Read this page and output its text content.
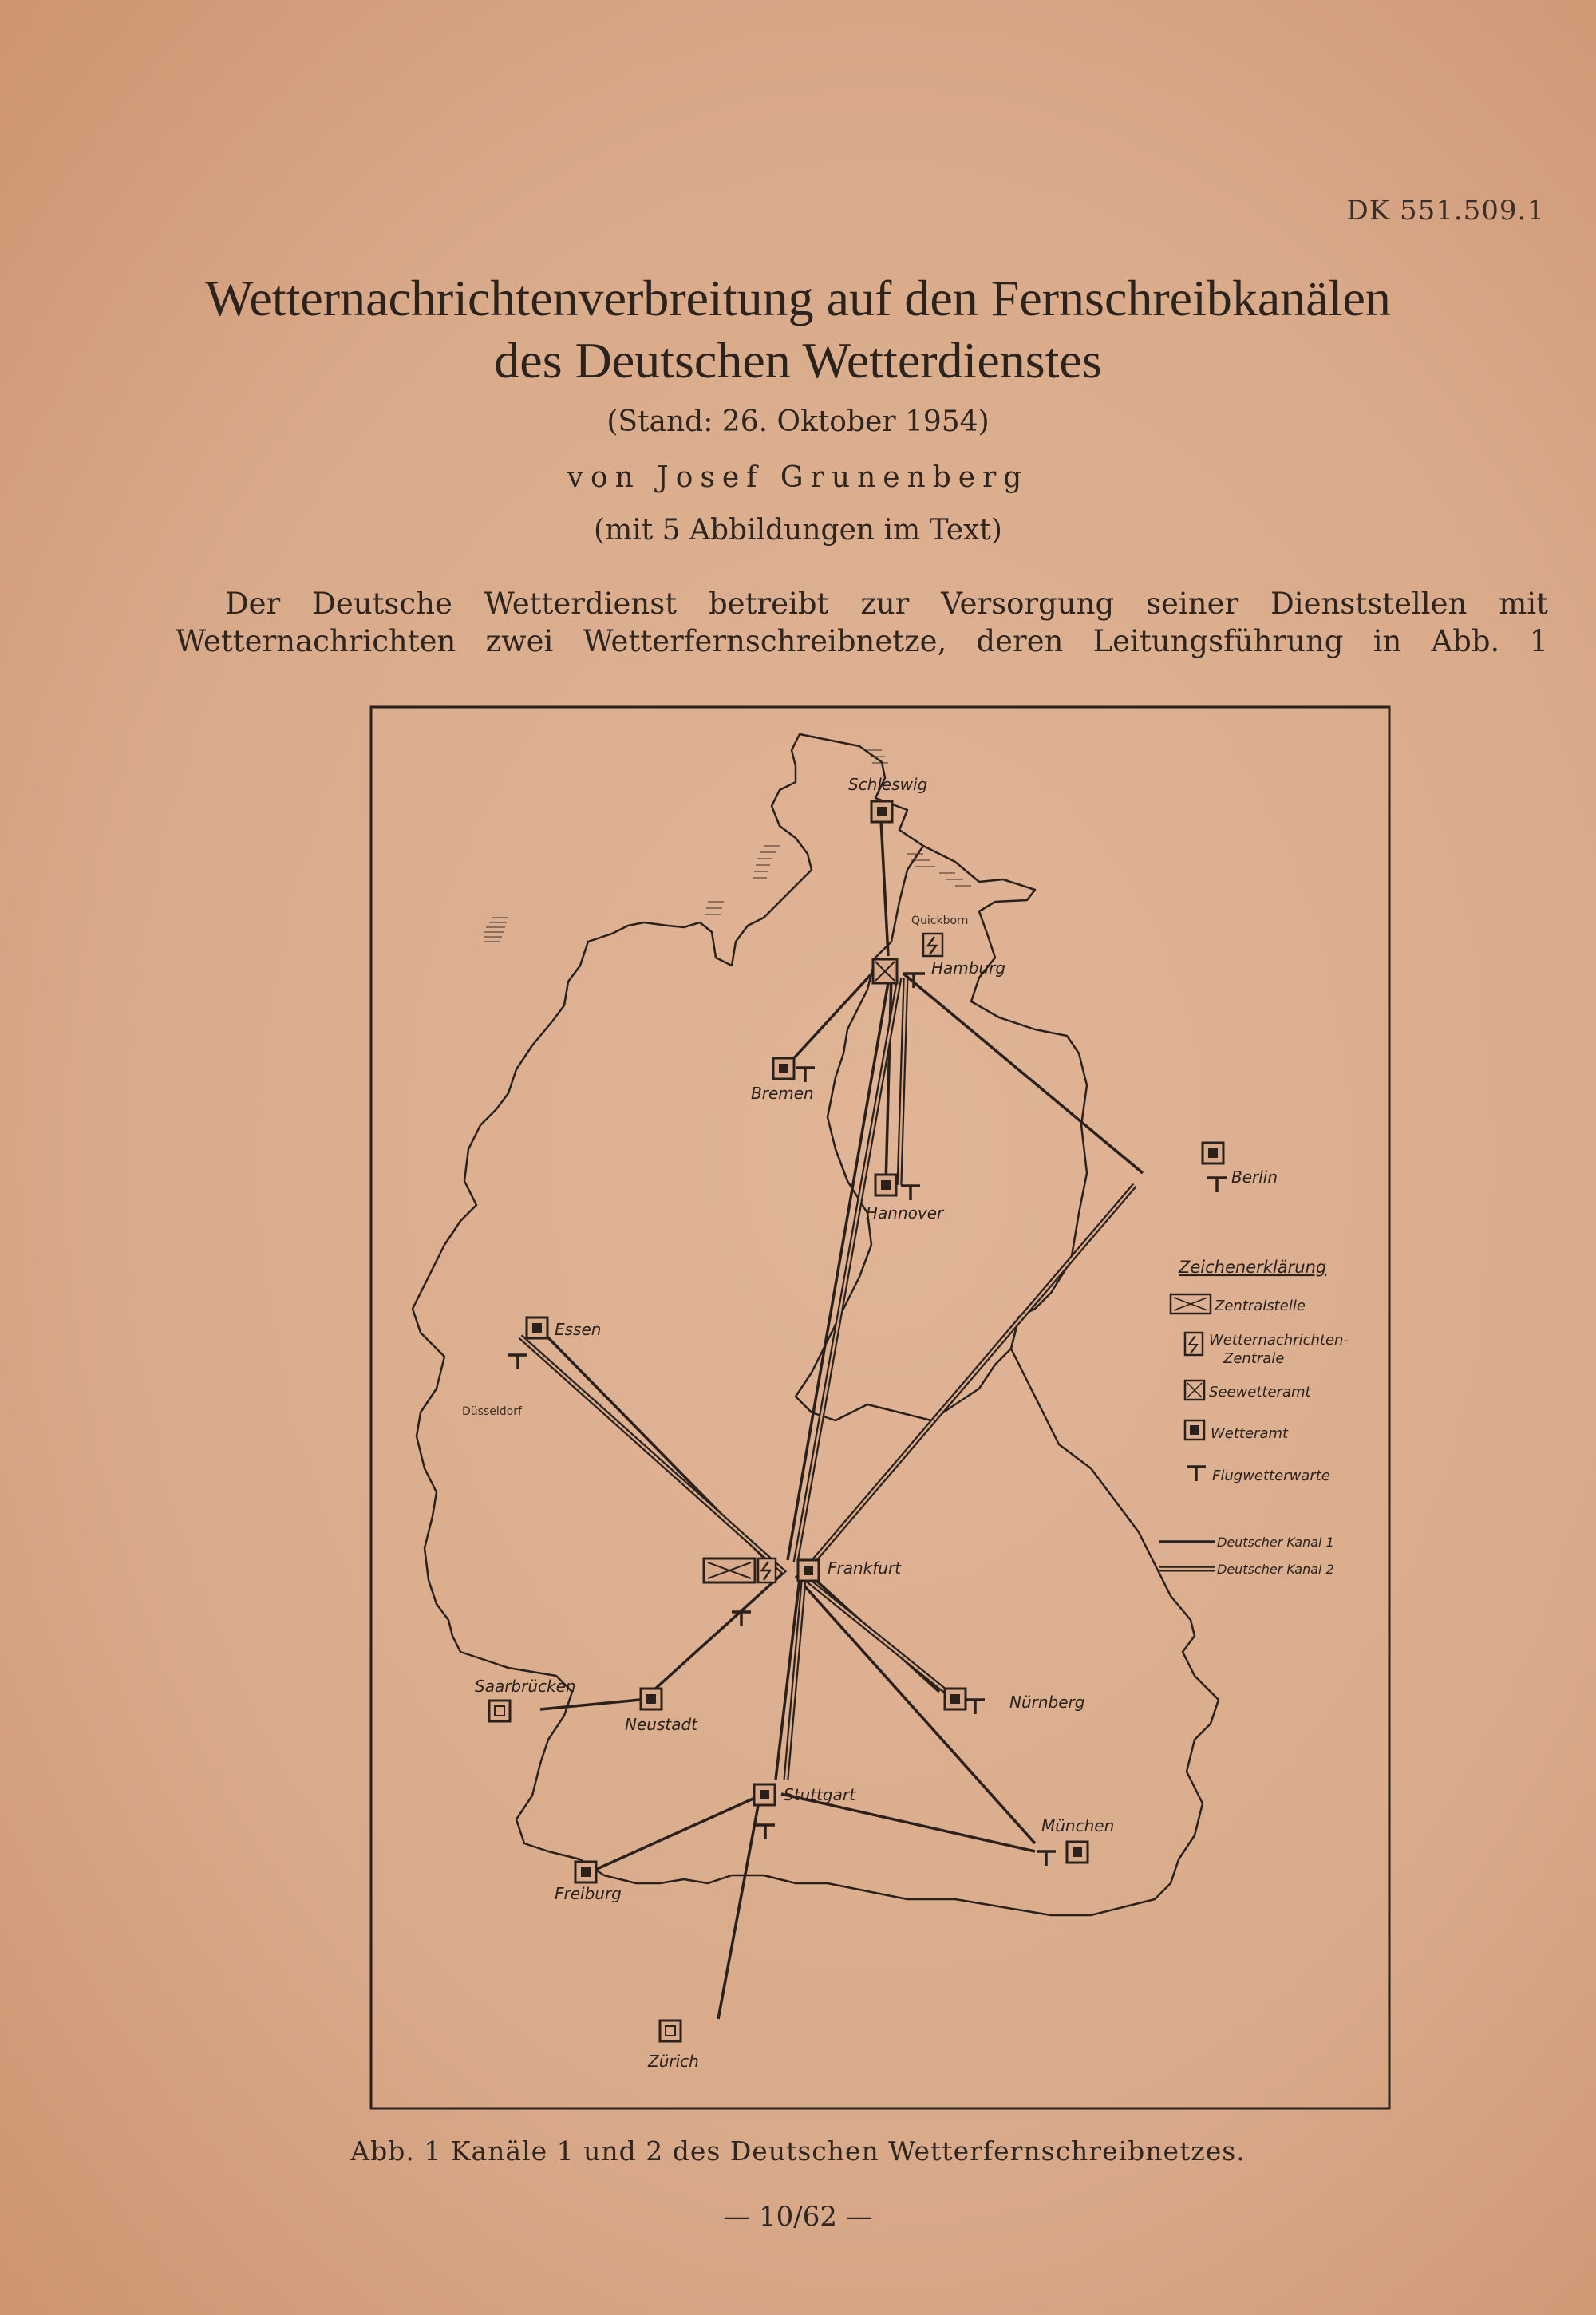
DK 551.509.1
Wetternachrichtenverbreitung auf den Fernschreibkanälen
des Deutschen Wetterdienstes
(Stand: 26. Oktober 1954)
von Josef Grunenberg
(mit 5 Abbildungen im Text)
Der Deutsche Wetterdienst betreibt zur Versorgung seiner Dienststellen mit
Wetternachrichten zwei Wetterfernschreibnetze, deren Leitungsführung in Abb. 1
Schleswig
Quickborn
Hamburg
Bremen
Hannover
Berlin
Essen
Düsseldorf
Frankfurt
Saarbrücken
Neustadt
Nürnberg
Stuttgart
Freiburg
München
Zürich
Zeichenerklärung
Zentralstelle
Wetternachrichten-
Zentrale
Seewetteramt
Wetteramt
Flugwetterwarte
Deutscher Kanal 1
Deutscher Kanal 2
Abb. 1 Kanäle 1 und 2 des Deutschen Wetterfernschreibnetzes.
— 10/62 —
